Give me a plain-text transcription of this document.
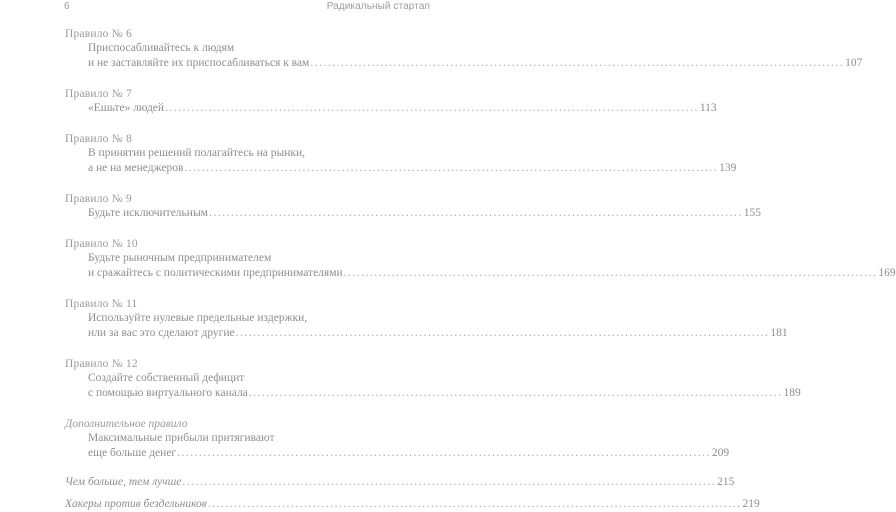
6	Радикальный стартап
Правило № 6
Приспосабливайтесь к людям
и не заставляйте их приспосабливаться к вам .......................................................................................................................... 107
Правило № 7
«Ешьте» людей .......................................................................................................................... 113
Правило № 8
В принятии решений полагайтесь на рынки,
а не на менеджеров .......................................................................................................................... 139
Правило № 9
Будьте исключительным .......................................................................................................................... 155
Правило № 10
Будьте рыночным предпринимателем
и сражайтесь с политическими предпринимателями .......................................................................................................................... 169
Правило № 11
Используйте нулевые предельные издержки,
или за вас это сделают другие .......................................................................................................................... 181
Правило № 12
Создайте собственный дефицит
с помощью виртуального канала .......................................................................................................................... 189
Дополнительное правило
Максимальные прибыли притягивают
еще больше денег .......................................................................................................................... 209
Чем больше, тем лучше .......................................................................................................................... 215
Хакеры против бездельников .......................................................................................................................... 219
